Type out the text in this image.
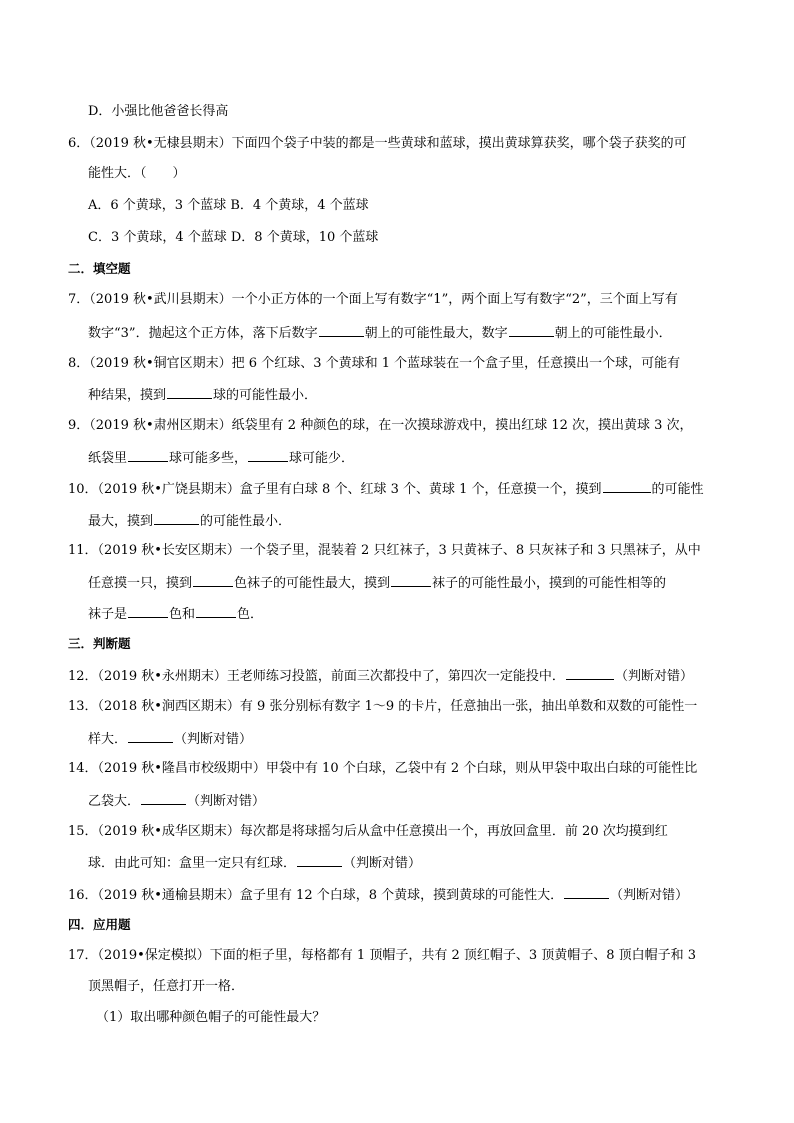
D．小强比他爸爸长得高
6．（2019 秋•无棣县期末）下面四个袋子中装的都是一些黄球和蓝球，摸出黄球算获奖，哪个袋子获奖的可
能性大．（　　）
A．6 个黄球，3 个蓝球 B．4 个黄球，4 个蓝球
C．3 个黄球，4 个蓝球 D．8 个黄球，10 个蓝球
二．填空题
7．（2019 秋•武川县期末）一个小正方体的一个面上写有数字“1”，两个面上写有数字“2”，三个面上写有
数字“3”．抛起这个正方体，落下后数字	朝上的可能性最大，数字	朝上的可能性最小．
8．（2019 秋•铜官区期末）把 6 个红球、3 个黄球和 1 个蓝球装在一个盒子里，任意摸出一个球，可能有
种结果，摸到	球的可能性最小．
9．（2019 秋•肃州区期末）纸袋里有 2 种颜色的球，在一次摸球游戏中，摸出红球 12 次，摸出黄球 3 次，
纸袋里	球可能多些，	球可能少．
10．（2019 秋•广饶县期末）盒子里有白球 8 个、红球 3 个、黄球 1 个，任意摸一个，摸到	的可能性
最大，摸到	的可能性最小．
11．（2019 秋•长安区期末）一个袋子里，混装着 2 只红袜子，3 只黄袜子、8 只灰袜子和 3 只黑袜子，从中
任意摸一只，摸到	色袜子的可能性最大，摸到	袜子的可能性最小，摸到的可能性相等的
袜子是	色和	色．
三．判断题
12．（2019 秋•永州期末）王老师练习投篮，前面三次都投中了，第四次一定能投中．	（判断对错）
13．（2018 秋•涧西区期末）有 9 张分别标有数字 1～9 的卡片，任意抽出一张，抽出单数和双数的可能性一
样大．	（判断对错）
14．（2019 秋•隆昌市校级期中）甲袋中有 10 个白球，乙袋中有 2 个白球，则从甲袋中取出白球的可能性比
乙袋大．	（判断对错）
15．（2019 秋•成华区期末）每次都是将球摇匀后从盒中任意摸出一个，再放回盒里．前 20 次均摸到红
球．由此可知：盒里一定只有红球．	（判断对错）
16．（2019 秋•通榆县期末）盒子里有 12 个白球，8 个黄球，摸到黄球的可能性大．	（判断对错）
四．应用题
17．（2019•保定模拟）下面的柜子里，每格都有 1 顶帽子，共有 2 顶红帽子、3 顶黄帽子、8 顶白帽子和 3
顶黑帽子，任意打开一格．
（1）取出哪种颜色帽子的可能性最大？
